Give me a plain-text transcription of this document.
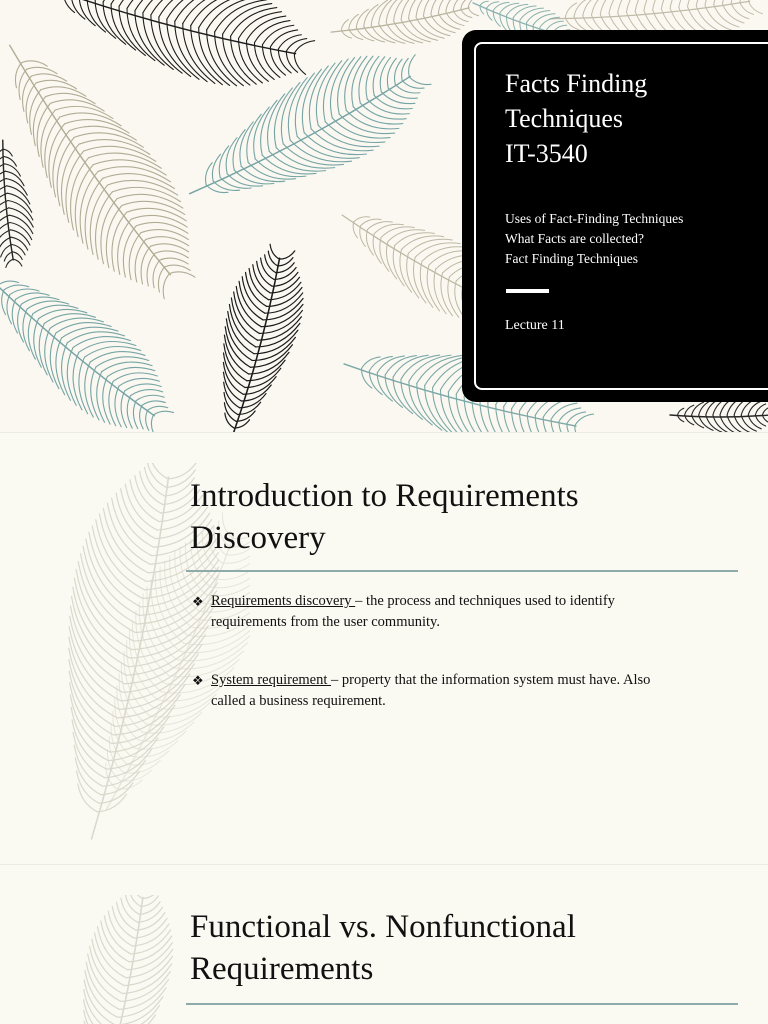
Facts Finding
Techniques
IT-3540
Uses of Fact-Finding Techniques
What Facts are collected?
Fact Finding Techniques
Lecture 11
Introduction to Requirements
Discovery
❖ Requirements discovery – the process and techniques used to identify
requirements from the user community.
❖ System requirement – property that the information system must have. Also
called a business requirement.
Functional vs. Nonfunctional
Requirements
